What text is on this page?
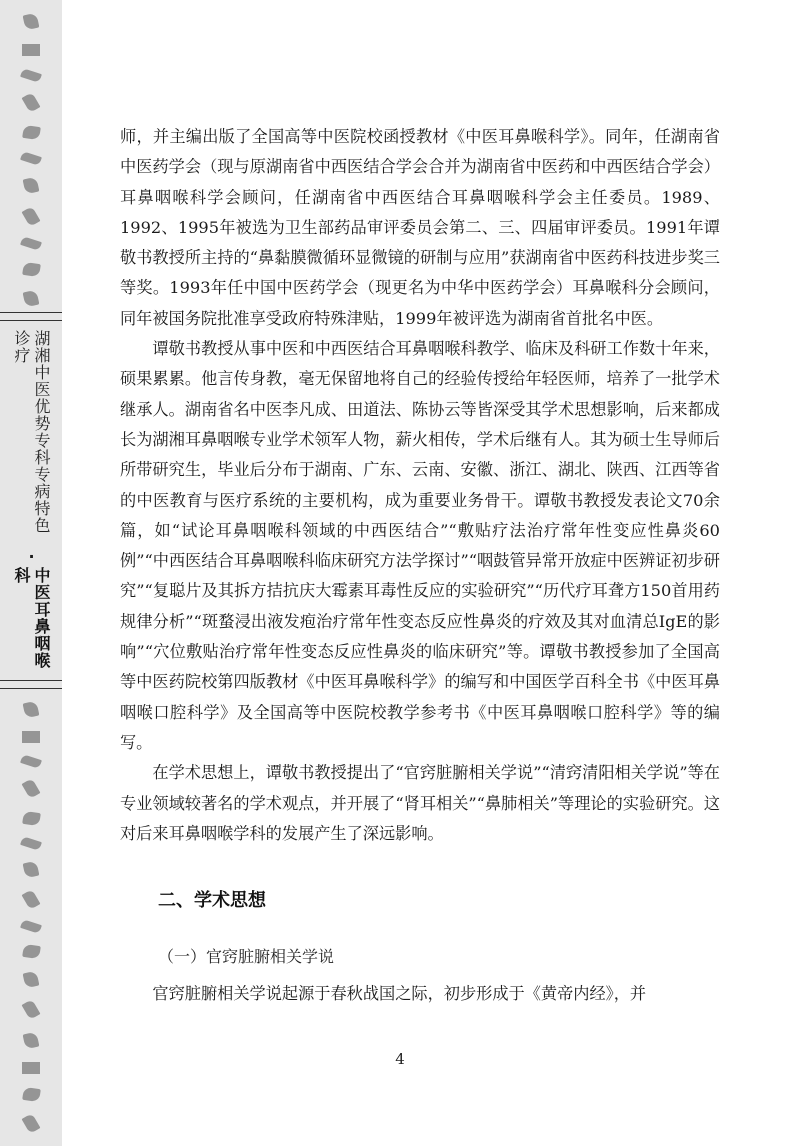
湖湘中医优势专科专病特色诊疗
·
中医耳鼻咽喉科

师，并主编出版了全国高等中医院校函授教材《中医耳鼻喉科学》。同年，任湖南省中医药学会（现与原湖南省中西医结合学会合并为湖南省中医药和中西医结合学会）耳鼻咽喉科学会顾问，任湖南省中西医结合耳鼻咽喉科学会主任委员。1989、1992、1995年被选为卫生部药品审评委员会第二、三、四届审评委员。1991年谭敬书教授所主持的“鼻黏膜微循环显微镜的研制与应用”获湖南省中医药科技进步奖三等奖。1993年任中国中医药学会（现更名为中华中医药学会）耳鼻喉科分会顾问，同年被国务院批准享受政府特殊津贴，1999年被评选为湖南省首批名中医。

谭敬书教授从事中医和中西医结合耳鼻咽喉科教学、临床及科研工作数十年来，硕果累累。他言传身教，毫无保留地将自己的经验传授给年轻医师，培养了一批学术继承人。湖南省名中医李凡成、田道法、陈协云等皆深受其学术思想影响，后来都成长为湖湘耳鼻咽喉专业学术领军人物，薪火相传，学术后继有人。其为硕士生导师后所带研究生，毕业后分布于湖南、广东、云南、安徽、浙江、湖北、陕西、江西等省的中医教育与医疗系统的主要机构，成为重要业务骨干。谭敬书教授发表论文70余篇，如“试论耳鼻咽喉科领域的中西医结合”“敷贴疗法治疗常年性变应性鼻炎60例”“中西医结合耳鼻咽喉科临床研究方法学探讨”“咽鼓管异常开放症中医辨证初步研究”“复聪片及其拆方拮抗庆大霉素耳毒性反应的实验研究”“历代疗耳聋方150首用药规律分析”“斑蝥浸出液发疱治疗常年性变态反应性鼻炎的疗效及其对血清总IgE的影响”“穴位敷贴治疗常年性变态反应性鼻炎的临床研究”等。谭敬书教授参加了全国高等中医药院校第四版教材《中医耳鼻喉科学》的编写和中国医学百科全书《中医耳鼻咽喉口腔科学》及全国高等中医院校教学参考书《中医耳鼻咽喉口腔科学》等的编写。

在学术思想上，谭敬书教授提出了“官窍脏腑相关学说”“清窍清阳相关学说”等在专业领域较著名的学术观点，并开展了“肾耳相关”“鼻肺相关”等理论的实验研究。这对后来耳鼻咽喉学科的发展产生了深远影响。

二、学术思想
（一）官窍脏腑相关学说

官窍脏腑相关学说起源于春秋战国之际，初步形成于《黄帝内经》，并

4
